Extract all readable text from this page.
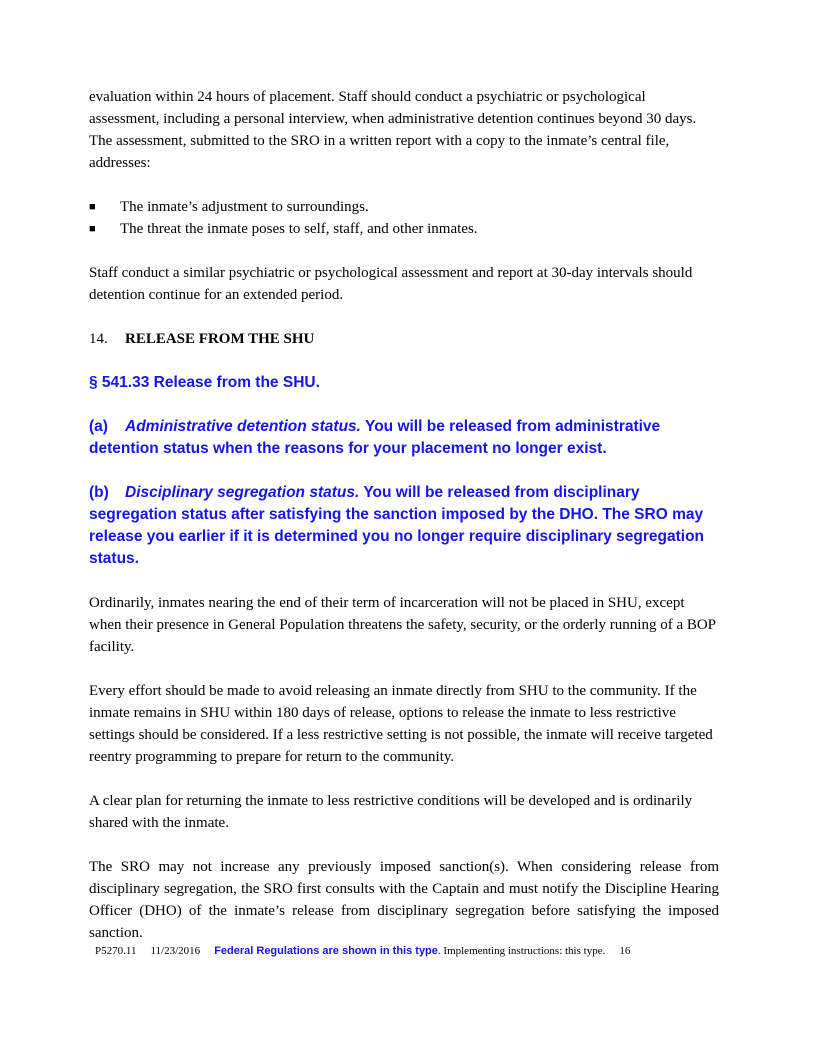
evaluation within 24 hours of placement. Staff should conduct a psychiatric or psychological assessment, including a personal interview, when administrative detention continues beyond 30 days. The assessment, submitted to the SRO in a written report with a copy to the inmate’s central file, addresses:

■ The inmate’s adjustment to surroundings.
■ The threat the inmate poses to self, staff, and other inmates.

Staff conduct a similar psychiatric or psychological assessment and report at 30-day intervals should detention continue for an extended period.

14. RELEASE FROM THE SHU

§ 541.33 Release from the SHU.

(a) Administrative detention status. You will be released from administrative detention status when the reasons for your placement no longer exist.

(b) Disciplinary segregation status. You will be released from disciplinary segregation status after satisfying the sanction imposed by the DHO. The SRO may release you earlier if it is determined you no longer require disciplinary segregation status.

Ordinarily, inmates nearing the end of their term of incarceration will not be placed in SHU, except when their presence in General Population threatens the safety, security, or the orderly running of a BOP facility.

Every effort should be made to avoid releasing an inmate directly from SHU to the community. If the inmate remains in SHU within 180 days of release, options to release the inmate to less restrictive settings should be considered. If a less restrictive setting is not possible, the inmate will receive targeted reentry programming to prepare for return to the community.

A clear plan for returning the inmate to less restrictive conditions will be developed and is ordinarily shared with the inmate.

The SRO may not increase any previously imposed sanction(s). When considering release from disciplinary segregation, the SRO first consults with the Captain and must notify the Discipline Hearing Officer (DHO) of the inmate’s release from disciplinary segregation before satisfying the imposed sanction.

P5270.11 11/23/2016 Federal Regulations are shown in this type. Implementing instructions: this type. 16
